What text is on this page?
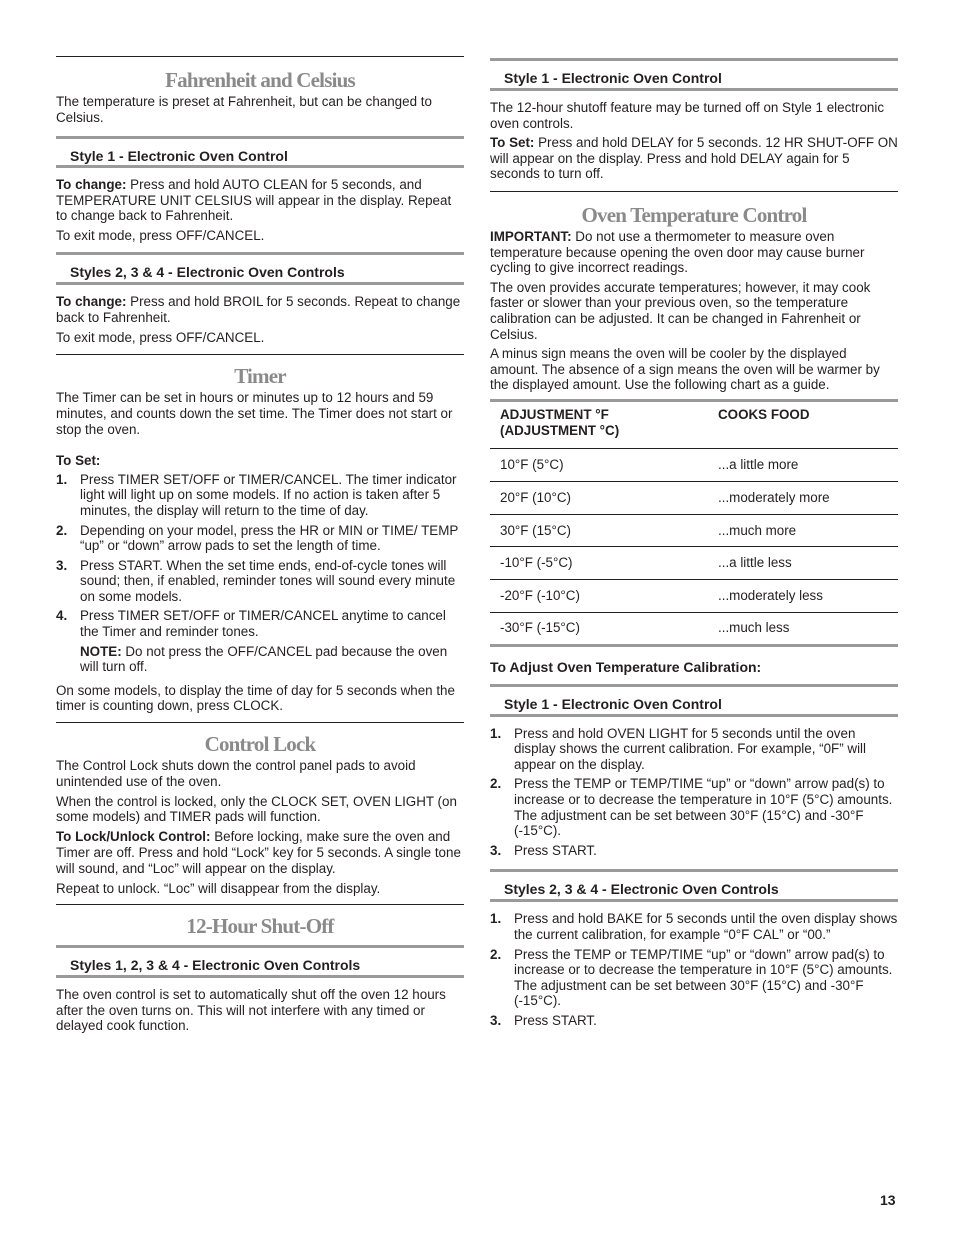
Fahrenheit and Celsius

The temperature is preset at Fahrenheit, but can be changed to Celsius.

Style 1 - Electronic Oven Control

To change: Press and hold AUTO CLEAN for 5 seconds, and TEMPERATURE UNIT CELSIUS will appear in the display. Repeat to change back to Fahrenheit.

To exit mode, press OFF/CANCEL.

Styles 2, 3 & 4 - Electronic Oven Controls

To change: Press and hold BROIL for 5 seconds. Repeat to change back to Fahrenheit.

To exit mode, press OFF/CANCEL.

Timer

The Timer can be set in hours or minutes up to 12 hours and 59 minutes, and counts down the set time. The Timer does not start or stop the oven.

To Set:

1. Press TIMER SET/OFF or TIMER/CANCEL. The timer indicator light will light up on some models. If no action is taken after 5 minutes, the display will return to the time of day.
2. Depending on your model, press the HR or MIN or TIME/ TEMP “up” or “down” arrow pads to set the length of time.
3. Press START. When the set time ends, end-of-cycle tones will sound; then, if enabled, reminder tones will sound every minute on some models.
4. Press TIMER SET/OFF or TIMER/CANCEL anytime to cancel the Timer and reminder tones.
NOTE: Do not press the OFF/CANCEL pad because the oven will turn off.

On some models, to display the time of day for 5 seconds when the timer is counting down, press CLOCK.

Control Lock

The Control Lock shuts down the control panel pads to avoid unintended use of the oven.

When the control is locked, only the CLOCK SET, OVEN LIGHT (on some models) and TIMER pads will function.

To Lock/Unlock Control: Before locking, make sure the oven and Timer are off. Press and hold “Lock” key for 5 seconds. A single tone will sound, and “Loc” will appear on the display.

Repeat to unlock. “Loc” will disappear from the display.

12-Hour Shut-Off
Styles 1, 2, 3 & 4 - Electronic Oven Controls

The oven control is set to automatically shut off the oven 12 hours after the oven turns on. This will not interfere with any timed or delayed cook function.

Style 1 - Electronic Oven Control

The 12-hour shutoff feature may be turned off on Style 1 electronic oven controls.

To Set: Press and hold DELAY for 5 seconds. 12 HR SHUT-OFF ON will appear on the display. Press and hold DELAY again for 5 seconds to turn off.

Oven Temperature Control

IMPORTANT: Do not use a thermometer to measure oven temperature because opening the oven door may cause burner cycling to give incorrect readings.

The oven provides accurate temperatures; however, it may cook faster or slower than your previous oven, so the temperature calibration can be adjusted. It can be changed in Fahrenheit or Celsius.

A minus sign means the oven will be cooler by the displayed amount. The absence of a sign means the oven will be warmer by the displayed amount. Use the following chart as a guide.

ADJUSTMENT °F
(ADJUSTMENT °C)	COOKS FOOD
10°F (5°C)	...a little more
20°F (10°C)	...moderately more
30°F (15°C)	...much more
-10°F (-5°C)	...a little less
-20°F (-10°C)	...moderately less
-30°F (-15°C)	...much less

To Adjust Oven Temperature Calibration:

Style 1 - Electronic Oven Control
1. Press and hold OVEN LIGHT for 5 seconds until the oven display shows the current calibration. For example, “0F” will appear on the display.
2. Press the TEMP or TEMP/TIME “up” or “down” arrow pad(s) to increase or to decrease the temperature in 10°F (5°C) amounts. The adjustment can be set between 30°F (15°C) and -30°F (-15°C).
3. Press START.
Styles 2, 3 & 4 - Electronic Oven Controls
1. Press and hold BAKE for 5 seconds until the oven display shows the current calibration, for example “0°F CAL” or “00.”
2. Press the TEMP or TEMP/TIME “up” or “down” arrow pad(s) to increase or to decrease the temperature in 10°F (5°C) amounts. The adjustment can be set between 30°F (15°C) and -30°F (-15°C).
3. Press START.
13
